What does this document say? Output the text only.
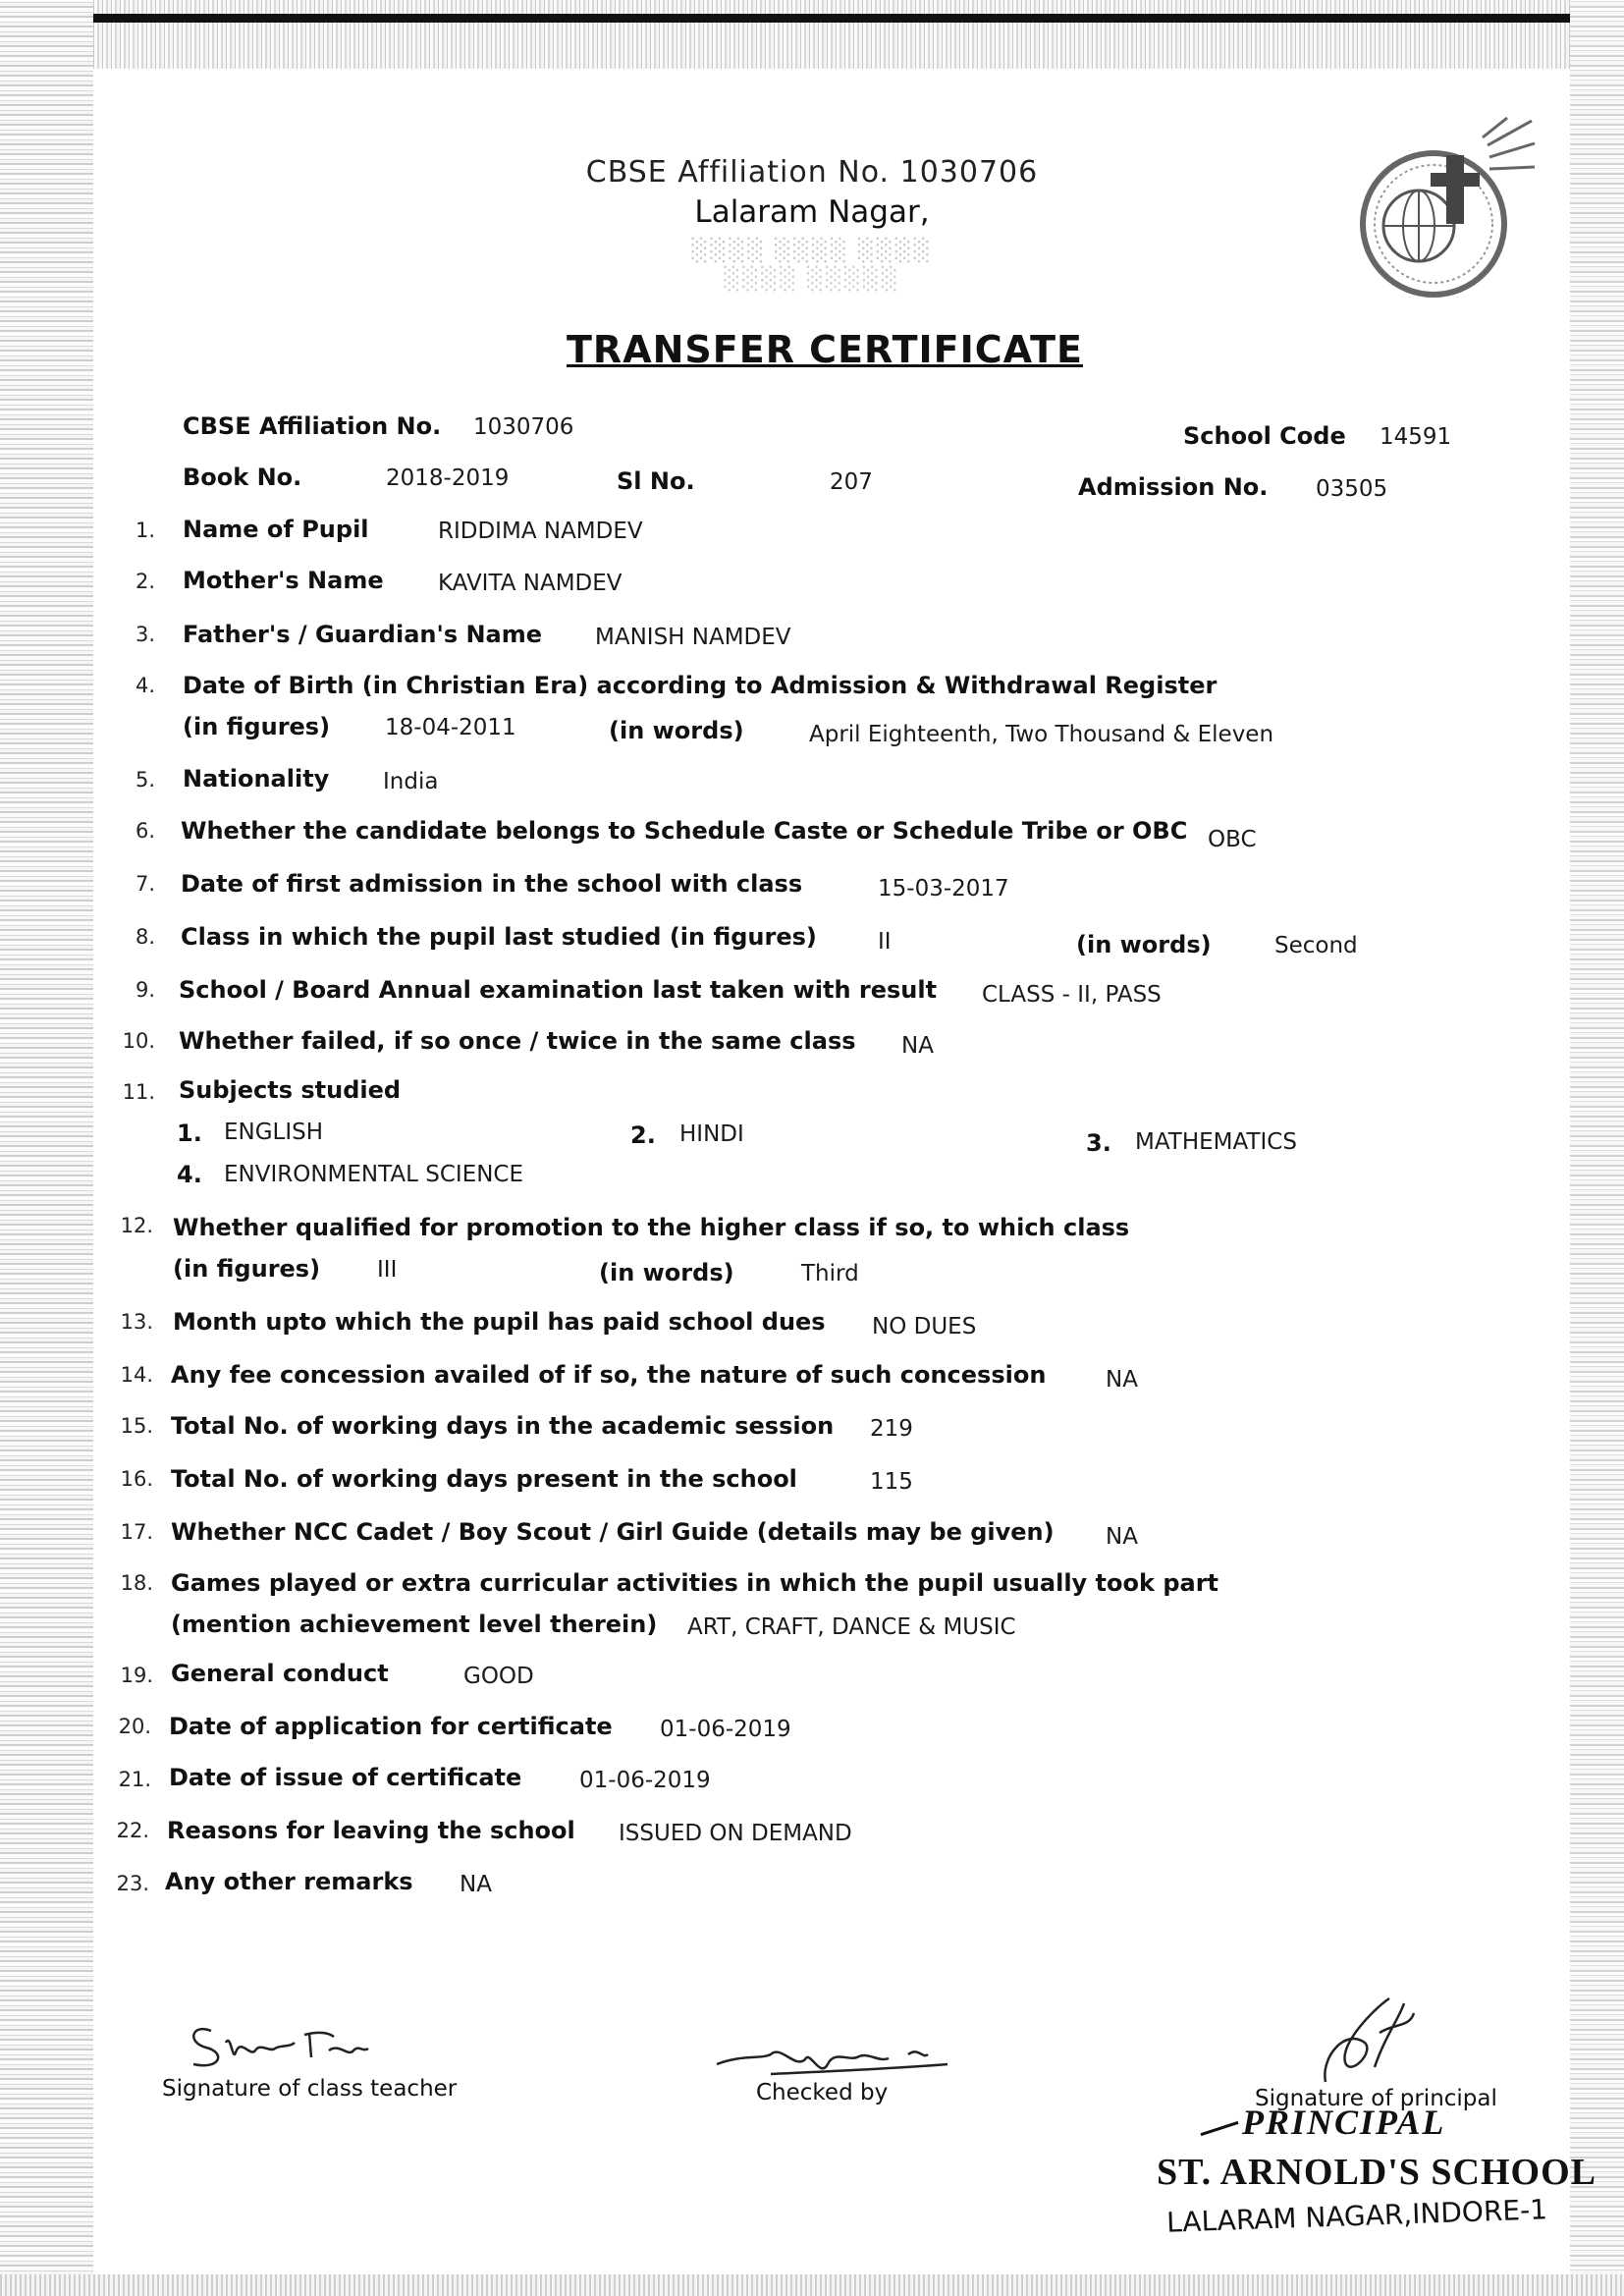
CBSE Affiliation No. 1030706
Lalaram Nagar,
░░░░ ░░░░ ░░░░
░░░░ ░░░░░
TRANSFER CERTIFICATE
CBSE Affiliation No. 1030706	School Code 14591
Book No.	2018-2019	Sl No.	207	Admission No. 03505
1. Name of Pupil	RIDDIMA NAMDEV
2. Mother's Name KAVITA NAMDEV
3. Father's / Guardian's Name MANISH NAMDEV
4. Date of Birth (in Christian Era) according to Admission & Withdrawal Register
(in figures) 18-04-2011	(in words)	April Eighteenth, Two Thousand & Eleven
5. Nationality India
6. Whether the candidate belongs to Schedule Caste or Schedule Tribe or OBC OBC
7. Date of first admission in the school with class	15-03-2017
8. Class in which the pupil last studied (in figures)	II	(in words)	Second
9. School / Board Annual examination last taken with result CLASS - II, PASS
10. Whether failed, if so once / twice in the same class NA
11. Subjects studied
1. ENGLISH	2. HINDI	3. MATHEMATICS
4. ENVIRONMENTAL SCIENCE
12. Whether qualified for promotion to the higher class if so, to which class
(in figures)	III	(in words)	Third
13. Month upto which the pupil has paid school dues NO DUES
14. Any fee concession availed of if so, the nature of such concession	NA
15. Total No. of working days in the academic session 219
16. Total No. of working days present in the school	115
17. Whether NCC Cadet / Boy Scout / Girl Guide (details may be given) NA
18. Games played or extra curricular activities in which the pupil usually took part
(mention achievement level therein) ART, CRAFT, DANCE & MUSIC
19. General conduct	GOOD
20. Date of application for certificate 01-06-2019
21. Date of issue of certificate	01-06-2019
22. Reasons for leaving the school ISSUED ON DEMAND
23. Any other remarks NA
Signature of class teacher	Checked by	Signature of principal
PRINCIPAL
ST. ARNOLD'S SCHOOL
LALARAM NAGAR,INDORE-1
